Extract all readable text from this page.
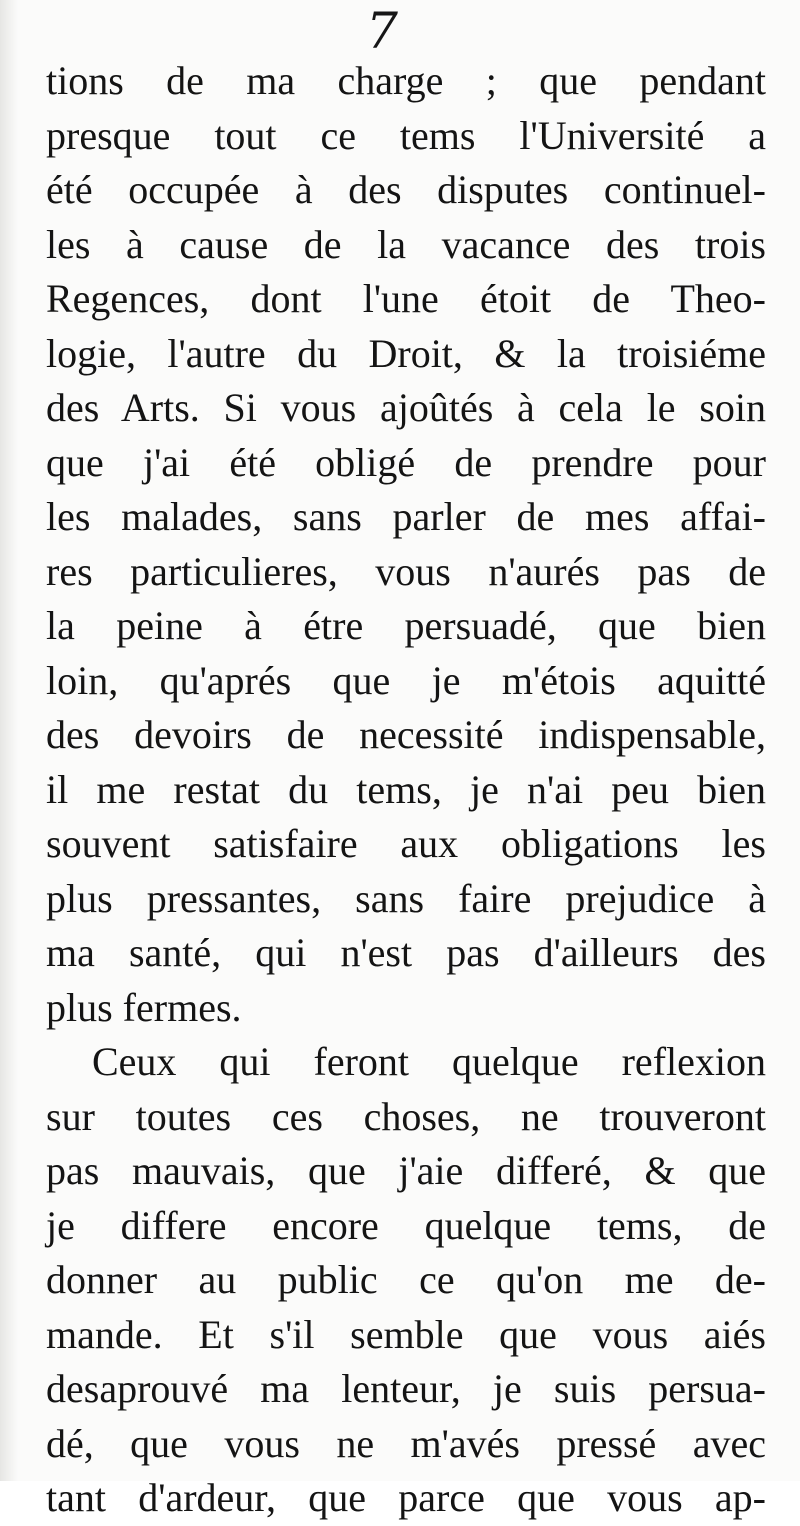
7
tions de ma charge ; que pendant
presque tout ce tems l'Université a
été occupée à des disputes continuel-
les à cause de la vacance des trois
Regences, dont l'une étoit de Theo-
logie, l'autre du Droit, & la troisiéme
des Arts. Si vous ajoûtés à cela le soin
que j'ai été obligé de prendre pour
les malades, sans parler de mes affai-
res particulieres, vous n'aurés pas de
la peine à étre persuadé, que bien
loin, qu'aprés que je m'étois aquitté
des devoirs de necessité indispensable,
il me restat du tems, je n'ai peu bien
souvent satisfaire aux obligations les
plus pressantes, sans faire prejudice à
ma santé, qui n'est pas d'ailleurs des
plus fermes.
Ceux qui feront quelque reflexion
sur toutes ces choses, ne trouveront
pas mauvais, que j'aie differé, & que
je differe encore quelque tems, de
donner au public ce qu'on me de-
mande. Et s'il semble que vous aiés
desaprouvé ma lenteur, je suis persua-
dé, que vous ne m'avés pressé avec
tant d'ardeur, que parce que vous ap-
